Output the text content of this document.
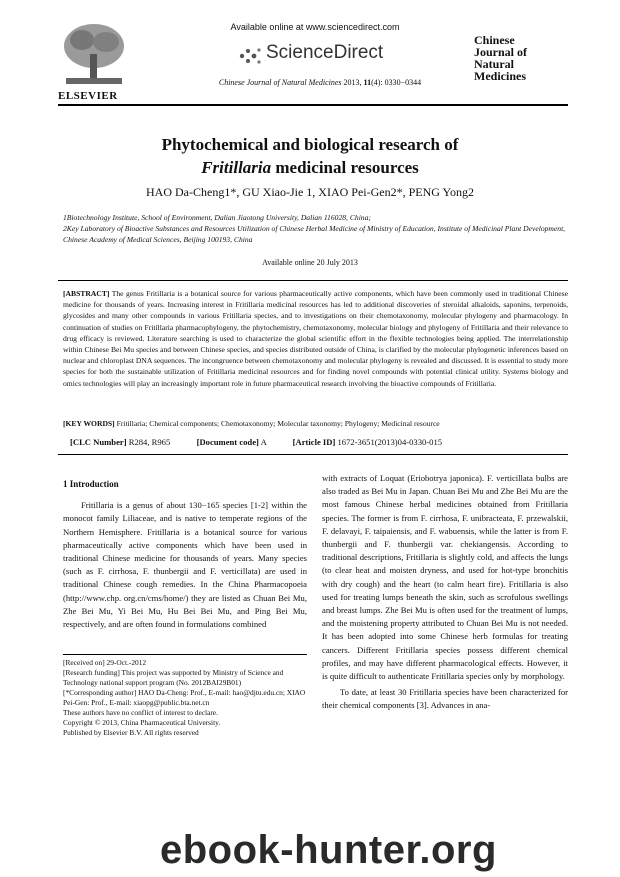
ELSEVIER
Available online at www.sciencedirect.com
ScienceDirect
Chinese Journal of Natural Medicines 2013, 11(4): 0330−0344
Chinese
Journal of
Natural
Medicines
Phytochemical and biological research of
Fritillaria medicinal resources
HAO Da-Cheng1*, GU Xiao-Jie 1, XIAO Pei-Gen2*, PENG Yong2
1Biotechnology Institute, School of Environment, Dalian Jiaotong University, Dalian 116028, China;
2Key Laboratory of Bioactive Substances and Resources Utilization of Chinese Herbal Medicine of Ministry of Education, Institute of Medicinal Plant Development, Chinese Academy of Medical Sciences, Beijing 100193, China
Available online 20 July 2013
[ABSTRACT] The genus Fritillaria is a botanical source for various pharmaceutically active components, which have been commonly used in traditional Chinese medicine for thousands of years. Increasing interest in Fritillaria medicinal resources has led to additional discoveries of steroidal alkaloids, saponins, terpenoids, glycosides and many other compounds in various Fritillaria species, and to investigations on their chemotaxonomy, molecular phylogeny and pharmacology. In continuation of studies on Fritillaria pharmacophylogeny, the phytochemistry, chemotaxonomy, molecular biology and phylogeny of Fritillaria and their relevance to drug efficacy is reviewed. Literature searching is used to characterize the global scientific effort in the flexible technologies being applied. The interrelationship within Chinese Bei Mu species and between Chinese species, and species distributed outside of China, is clarified by the molecular phylogenetic inferences based on nuclear and chloroplast DNA sequences. The incongruence between chemotaxonomy and molecular phylogeny is revealed and discussed. It is essential to study more species for both the sustainable utilization of Fritillaria medicinal resources and for finding novel compounds with potential clinical utility. Systems biology and omics technologies will play an increasingly important role in future pharmaceutical research involving the bioactive compounds of Fritillaria.
[KEY WORDS] Fritillaria; Chemical components; Chemotaxonomy; Molecular taxonomy; Phylogeny; Medicinal resource
[CLC Number] R284, R965	[Document code] A	[Article ID] 1672-3651(2013)04-0330-015
1 Introduction

Fritillaria is a genus of about 130−165 species [1-2] within the monocot family Liliaceae, and is native to temperate regions of the Northern Hemisphere. Fritillaria is a botanical source for various pharmaceutically active components which have been used in traditional Chinese medicine for thousands of years. Many species (such as F. cirrhosa, F. thunbergii and F. verticillata) are used in traditional Chinese cough remedies. In the China Pharmacopoeia (http://www.chp. org.cn/cms/home/) they are listed as Chuan Bei Mu, Zhe Bei Mu, Yi Bei Mu, Hu Bei Bei Mu, and Ping Bei Mu, respectively, and are often found in formulations combined

[Received on] 29-Oct.-2012

[Research funding] This project was supported by Ministry of Science and Technology national support program (No. 2012BAI29B01)

[*Corresponding author] HAO Da-Cheng: Prof., E-mail: hao@djtu.edu.cn; XIAO Pei-Gen: Prof., E-mail: xiaopg@public.bta.net.cn

These authors have no conflict of interest to declare.

Copyright © 2013, China Pharmaceutical University.

Published by Elsevier B.V. All rights reserved

with extracts of Loquat (Eriobotrya japonica). F. verticillata bulbs are also traded as Bei Mu in Japan. Chuan Bei Mu and Zhe Bei Mu are the most famous Chinese herbal medicines obtained from Fritillaria species. The former is from F. cirrhosa, F. unibracteata, F. przewalskii, F. delavayi, F. taipaiensis, and F. wabuensis, while the latter is from F. thunbergii and F. thunbergii var. chekiangensis. According to traditional descriptions, Fritillaria is slightly cold, and affects the lungs (to clear heat and moisten dryness, and used for hot-type bronchitis with dry cough) and the heart (to calm heart fire). Fritillaria is also used for treating lumps beneath the skin, such as scrofulous swellings and breast lumps. Zhe Bei Mu is often used for the treatment of lumps, and the moistening property attributed to Chuan Bei Mu is not needed. It has been adopted into some Chinese herb formulas for treating cancers. Different Fritillaria species possess different chemical profiles, and may have different pharmacological effects. However, it is quite difficult to authenticate Fritillaria species only by morphology.

To date, at least 30 Fritillaria species have been characterized for their chemical components [3]. Advances in ana-

ebook-hunter.org
